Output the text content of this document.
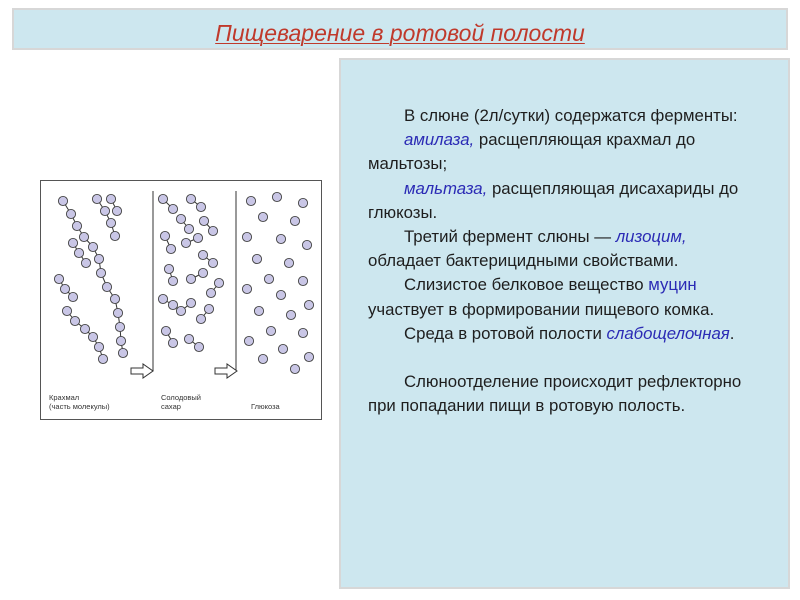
Пищеварение в ротовой полости

В слюне (2л/сутки) содержатся ферменты:

амилаза, расщепляющая крахмал до мальтозы;

мальтаза, расщепляющая дисахариды до глюкозы.

Третий фермент слюны — лизоцим, обладает бактерицидными свойствами.

Слизистое белковое вещество муцин участвует в формировании пищевого комка.

Среда в ротовой полости слабощелочная.

Слюноотделение происходит рефлекторно при попадании пищи в ротовую полость.

Крахмал
(часть молекулы)
Солодовый
сахар	Глюкоза
